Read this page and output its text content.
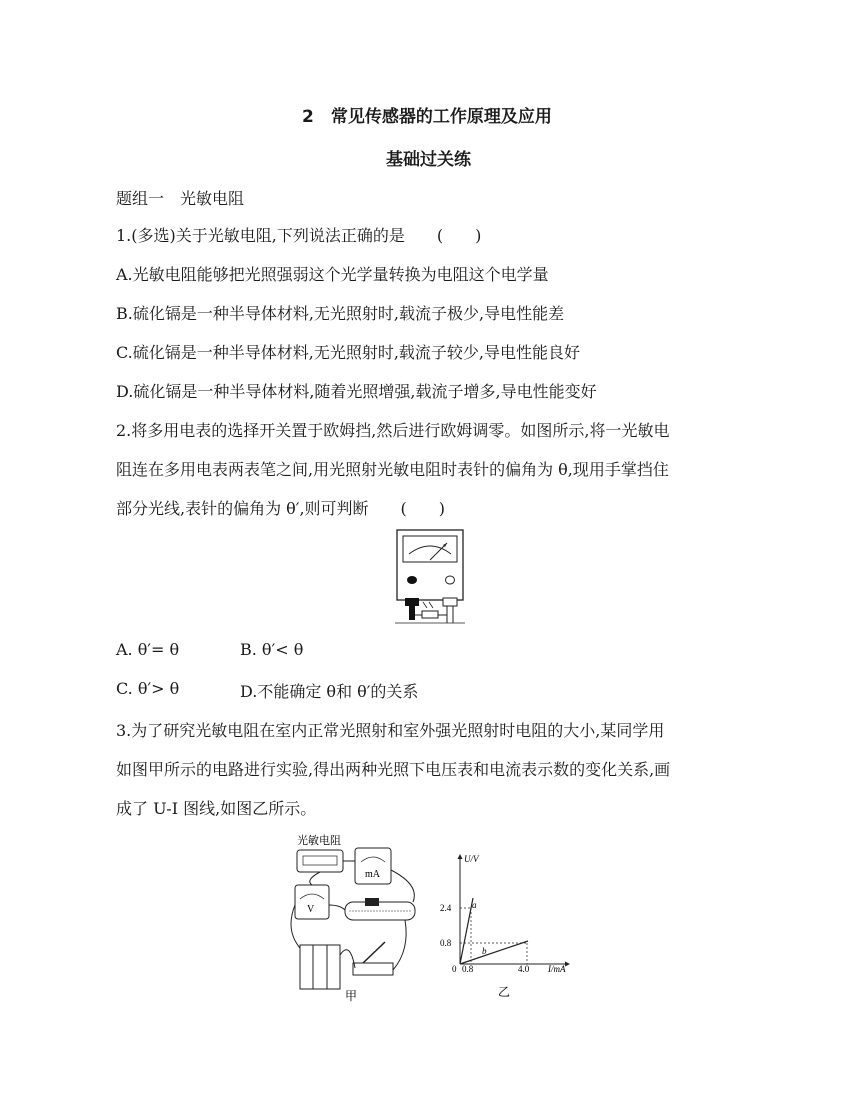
2　常见传感器的工作原理及应用
基础过关练
题组一　光敏电阻
1.(多选)关于光敏电阻,下列说法正确的是　　(　　)
A.光敏电阻能够把光照强弱这个光学量转换为电阻这个电学量
B.硫化镉是一种半导体材料,无光照射时,载流子极少,导电性能差
C.硫化镉是一种半导体材料,无光照射时,载流子较少,导电性能良好
D.硫化镉是一种半导体材料,随着光照增强,载流子增多,导电性能变好
2.将多用电表的选择开关置于欧姆挡,然后进行欧姆调零。如图所示,将一光敏电
阻连在多用电表两表笔之间,用光照射光敏电阻时表针的偏角为 θ,现用手掌挡住
部分光线,表针的偏角为 θ′,则可判断　　(　　)
A. θ′= θ	B. θ′< θ
C. θ′> θ	D.不能确定 θ和 θ′的关系
3.为了研究光敏电阻在室内正常光照射和室外强光照射时电阻的大小,某同学用
如图甲所示的电路进行实验,得出两种光照下电压表和电流表示数的变化关系,画
成了 U-I 图线,如图乙所示。
光敏电阻
mA
V
甲
U/V
I/mA
0
2.4
0.8
0.8	4.0
a
b
乙
